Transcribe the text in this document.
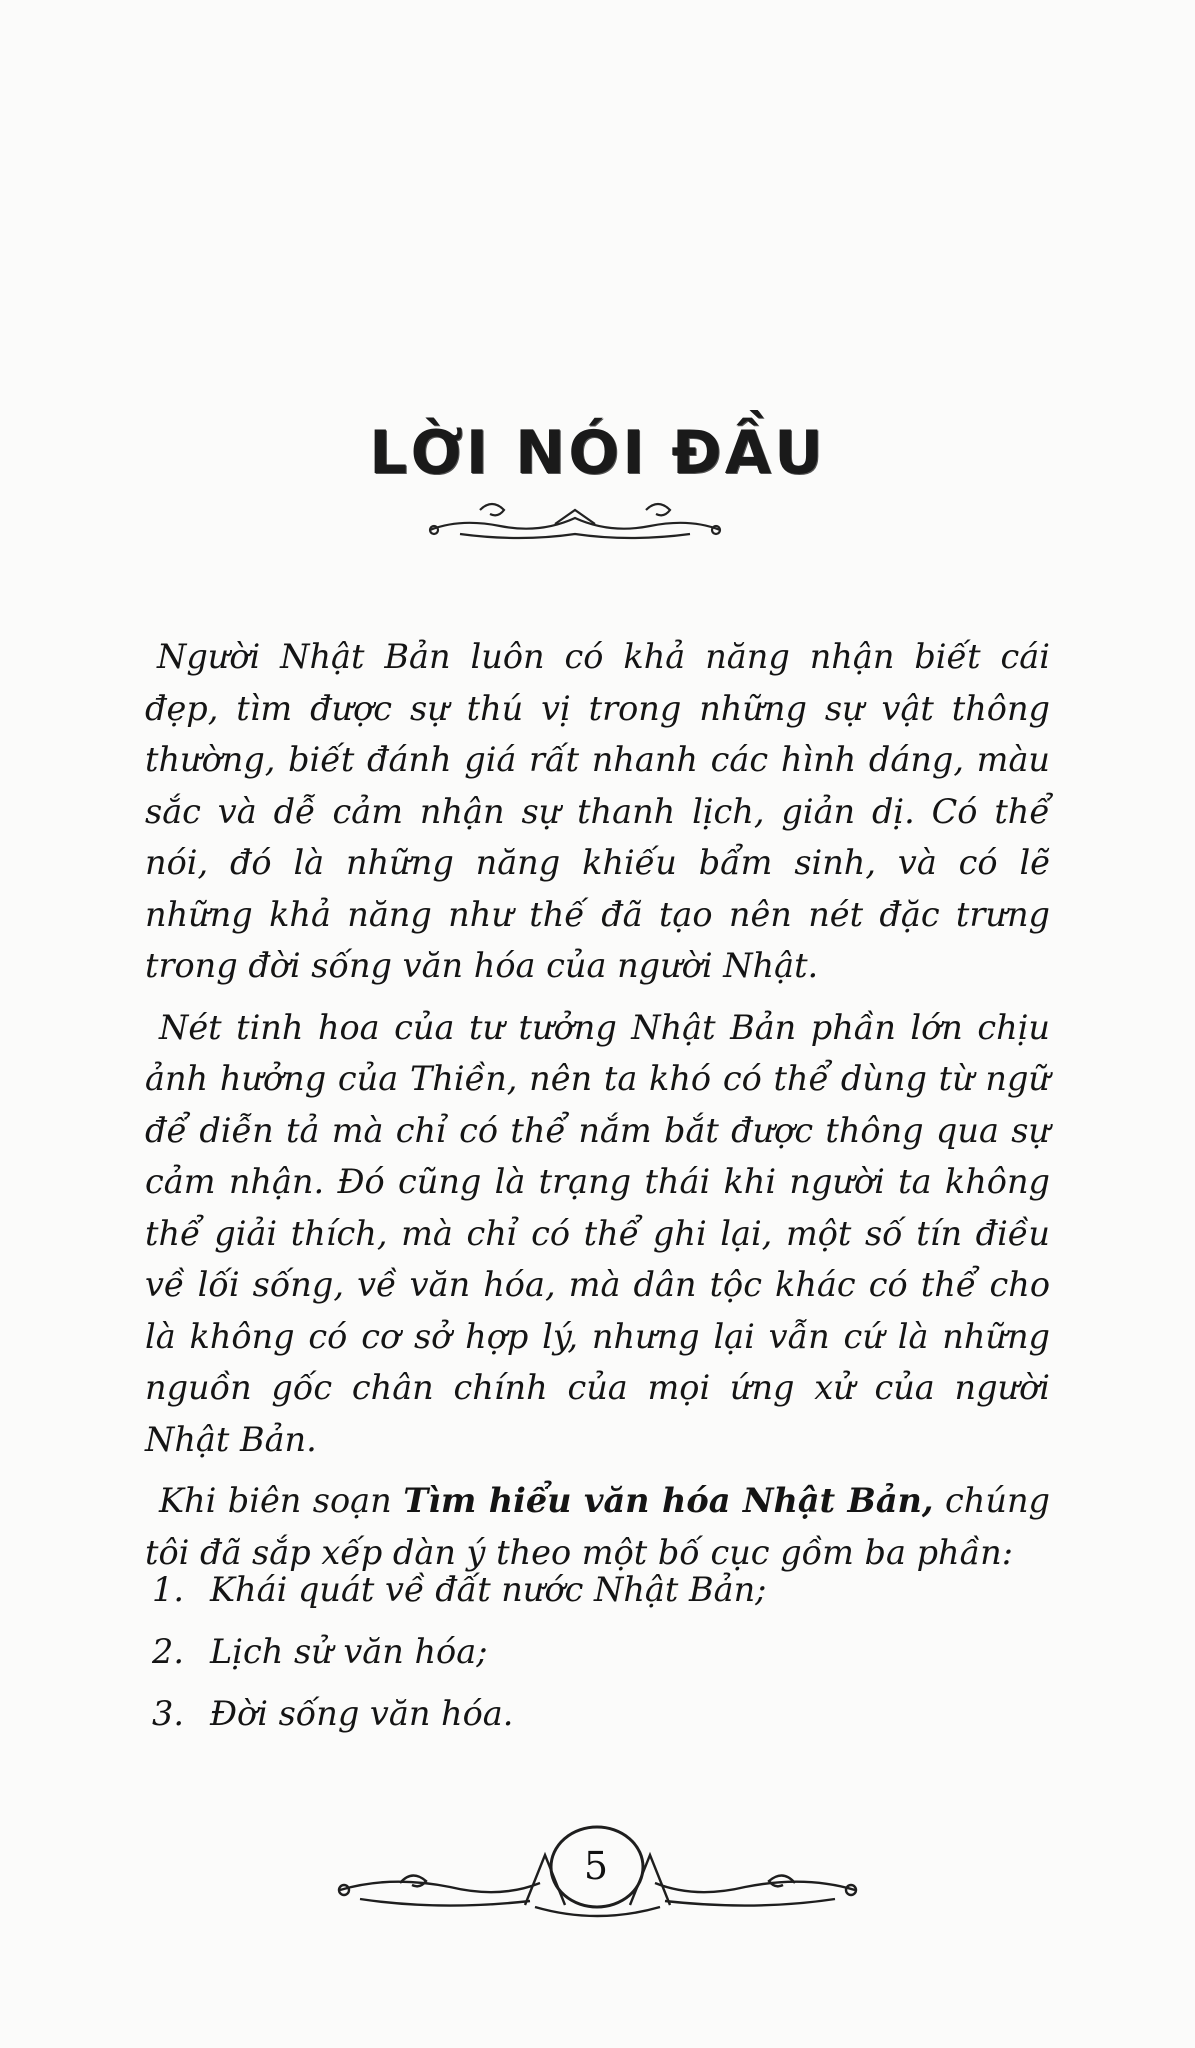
LỜI NÓI ĐẦU

Người Nhật Bản luôn có khả năng nhận biết cái đẹp, tìm được sự thú vị trong những sự vật thông thường, biết đánh giá rất nhanh các hình dáng, màu sắc và dễ cảm nhận sự thanh lịch, giản dị. Có thể nói, đó là những năng khiếu bẩm sinh, và có lẽ những khả năng như thế đã tạo nên nét đặc trưng trong đời sống văn hóa của người Nhật.

Nét tinh hoa của tư tưởng Nhật Bản phần lớn chịu ảnh hưởng của Thiền, nên ta khó có thể dùng từ ngữ để diễn tả mà chỉ có thể nắm bắt được thông qua sự cảm nhận. Đó cũng là trạng thái khi người ta không thể giải thích, mà chỉ có thể ghi lại, một số tín điều về lối sống, về văn hóa, mà dân tộc khác có thể cho là không có cơ sở hợp lý, nhưng lại vẫn cứ là những nguồn gốc chân chính của mọi ứng xử của người Nhật Bản.

Khi biên soạn Tìm hiểu văn hóa Nhật Bản, chúng tôi đã sắp xếp dàn ý theo một bố cục gồm ba phần:

1. Khái quát về đất nước Nhật Bản;
2. Lịch sử văn hóa;
3. Đời sống văn hóa.
5
